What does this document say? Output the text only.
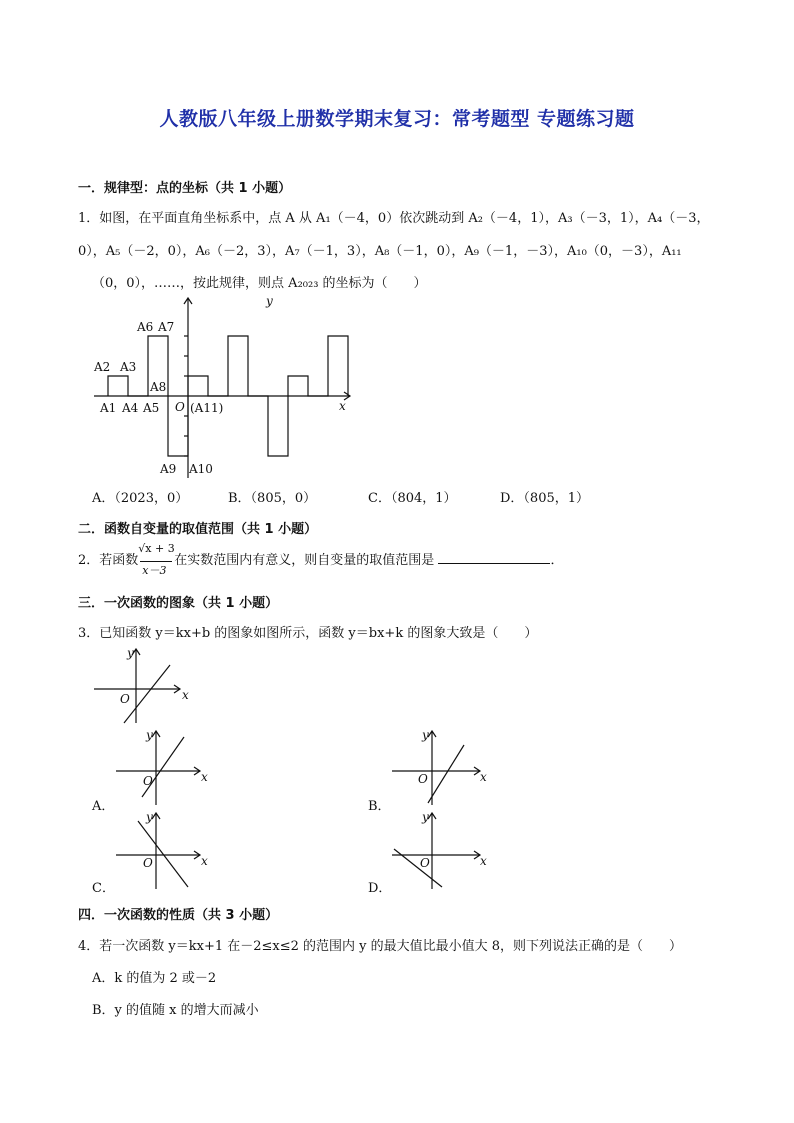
人教版八年级上册数学期末复习：常考题型 专题练习题
一．规律型：点的坐标（共 1 小题）
1．如图，在平面直角坐标系中，点 A 从 A₁（－4，0）依次跳动到 A₂（－4，1），A₃（－3，1），A₄（－3，
0），A₅（－2，0），A₆（－2，3），A₇（－1，3），A₈（－1，0），A₉（－1，－3），A₁₀（0，－3），A₁₁
（0，0），……，按此规律，则点 A₂₀₂₃ 的坐标为（　　）
y
x
O
A2 A3
A1 A4 A5
A6 A7
A8
A9 A10
(A11)
A．（2023，0）	B．（805，0）	C．（804，1）	D．（805，1）
二．函数自变量的取值范围（共 1 小题）
2．若函数 $\frac{√x + 3}{x-3}$ 在实数范围内有意义，则自变量的取值范围是	．
三．一次函数的图象（共 1 小题）
3．已知函数 y＝kx+b 的图象如图所示，函数 y＝bx+k 的图象大致是（　　）
y
x
O
A．
y
x
O
B．
y
x
O
C．
y
x
O
D．
y
x
O
四．一次函数的性质（共 3 小题）
4．若一次函数 y＝kx+1 在－2≤x≤2 的范围内 y 的最大值比最小值大 8，则下列说法正确的是（　　）
A．k 的值为 2 或－2
B．y 的值随 x 的增大而减小
